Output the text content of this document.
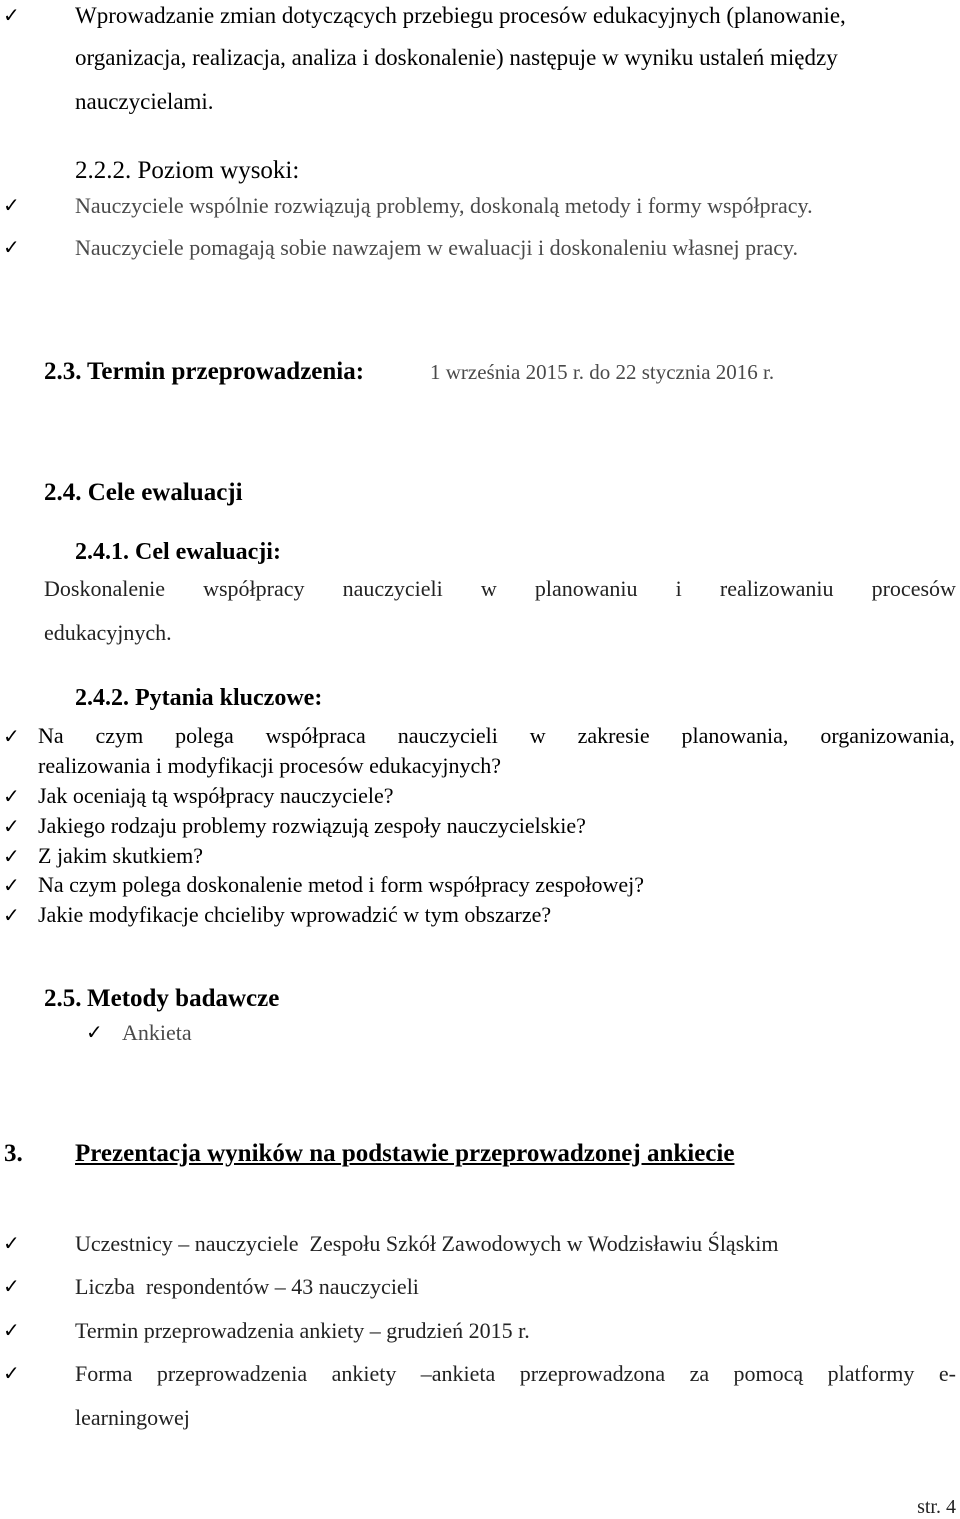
✓ Wprowadzanie zmian dotyczących przebiegu procesów edukacyjnych (planowanie,
organizacja, realizacja, analiza i doskonalenie) następuje w wyniku ustaleń między
nauczycielami.
2.2.2. Poziom wysoki:
✓	Nauczyciele wspólnie rozwiązują problemy, doskonalą metody i formy współpracy.
✓	Nauczyciele pomagają sobie nawzajem w ewaluacji i doskonaleniu własnej pracy.
2.3. Termin przeprowadzenia:	1 września 2015 r. do 22 stycznia 2016 r.
2.4. Cele ewaluacji
2.4.1. Cel ewaluacji:
Doskonalenie współpracy nauczycieli w planowaniu i realizowaniu procesów
edukacyjnych.
2.4.2. Pytania kluczowe:
✓ Na czym polega współpraca nauczycieli w zakresie planowania, organizowania,
realizowania i modyfikacji procesów edukacyjnych?
✓ Jak oceniają tą współpracy nauczyciele?
✓ Jakiego rodzaju problemy rozwiązują zespoły nauczycielskie?
✓ Z jakim skutkiem?
✓ Na czym polega doskonalenie metod i form współpracy zespołowej?
✓ Jakie modyfikacje chcieliby wprowadzić w tym obszarze?
2.5. Metody badawcze
✓ Ankieta
3. Prezentacja wyników na podstawie przeprowadzonej ankiecie
✓	Uczestnicy – nauczyciele  Zespołu Szkół Zawodowych w Wodzisławiu Śląskim
✓	Liczba  respondentów – 43 nauczycieli
✓	Termin przeprowadzenia ankiety – grudzień 2015 r.
✓	Forma przeprowadzenia ankiety –ankieta przeprowadzona za pomocą platformy e-
learningowej
str. 4
